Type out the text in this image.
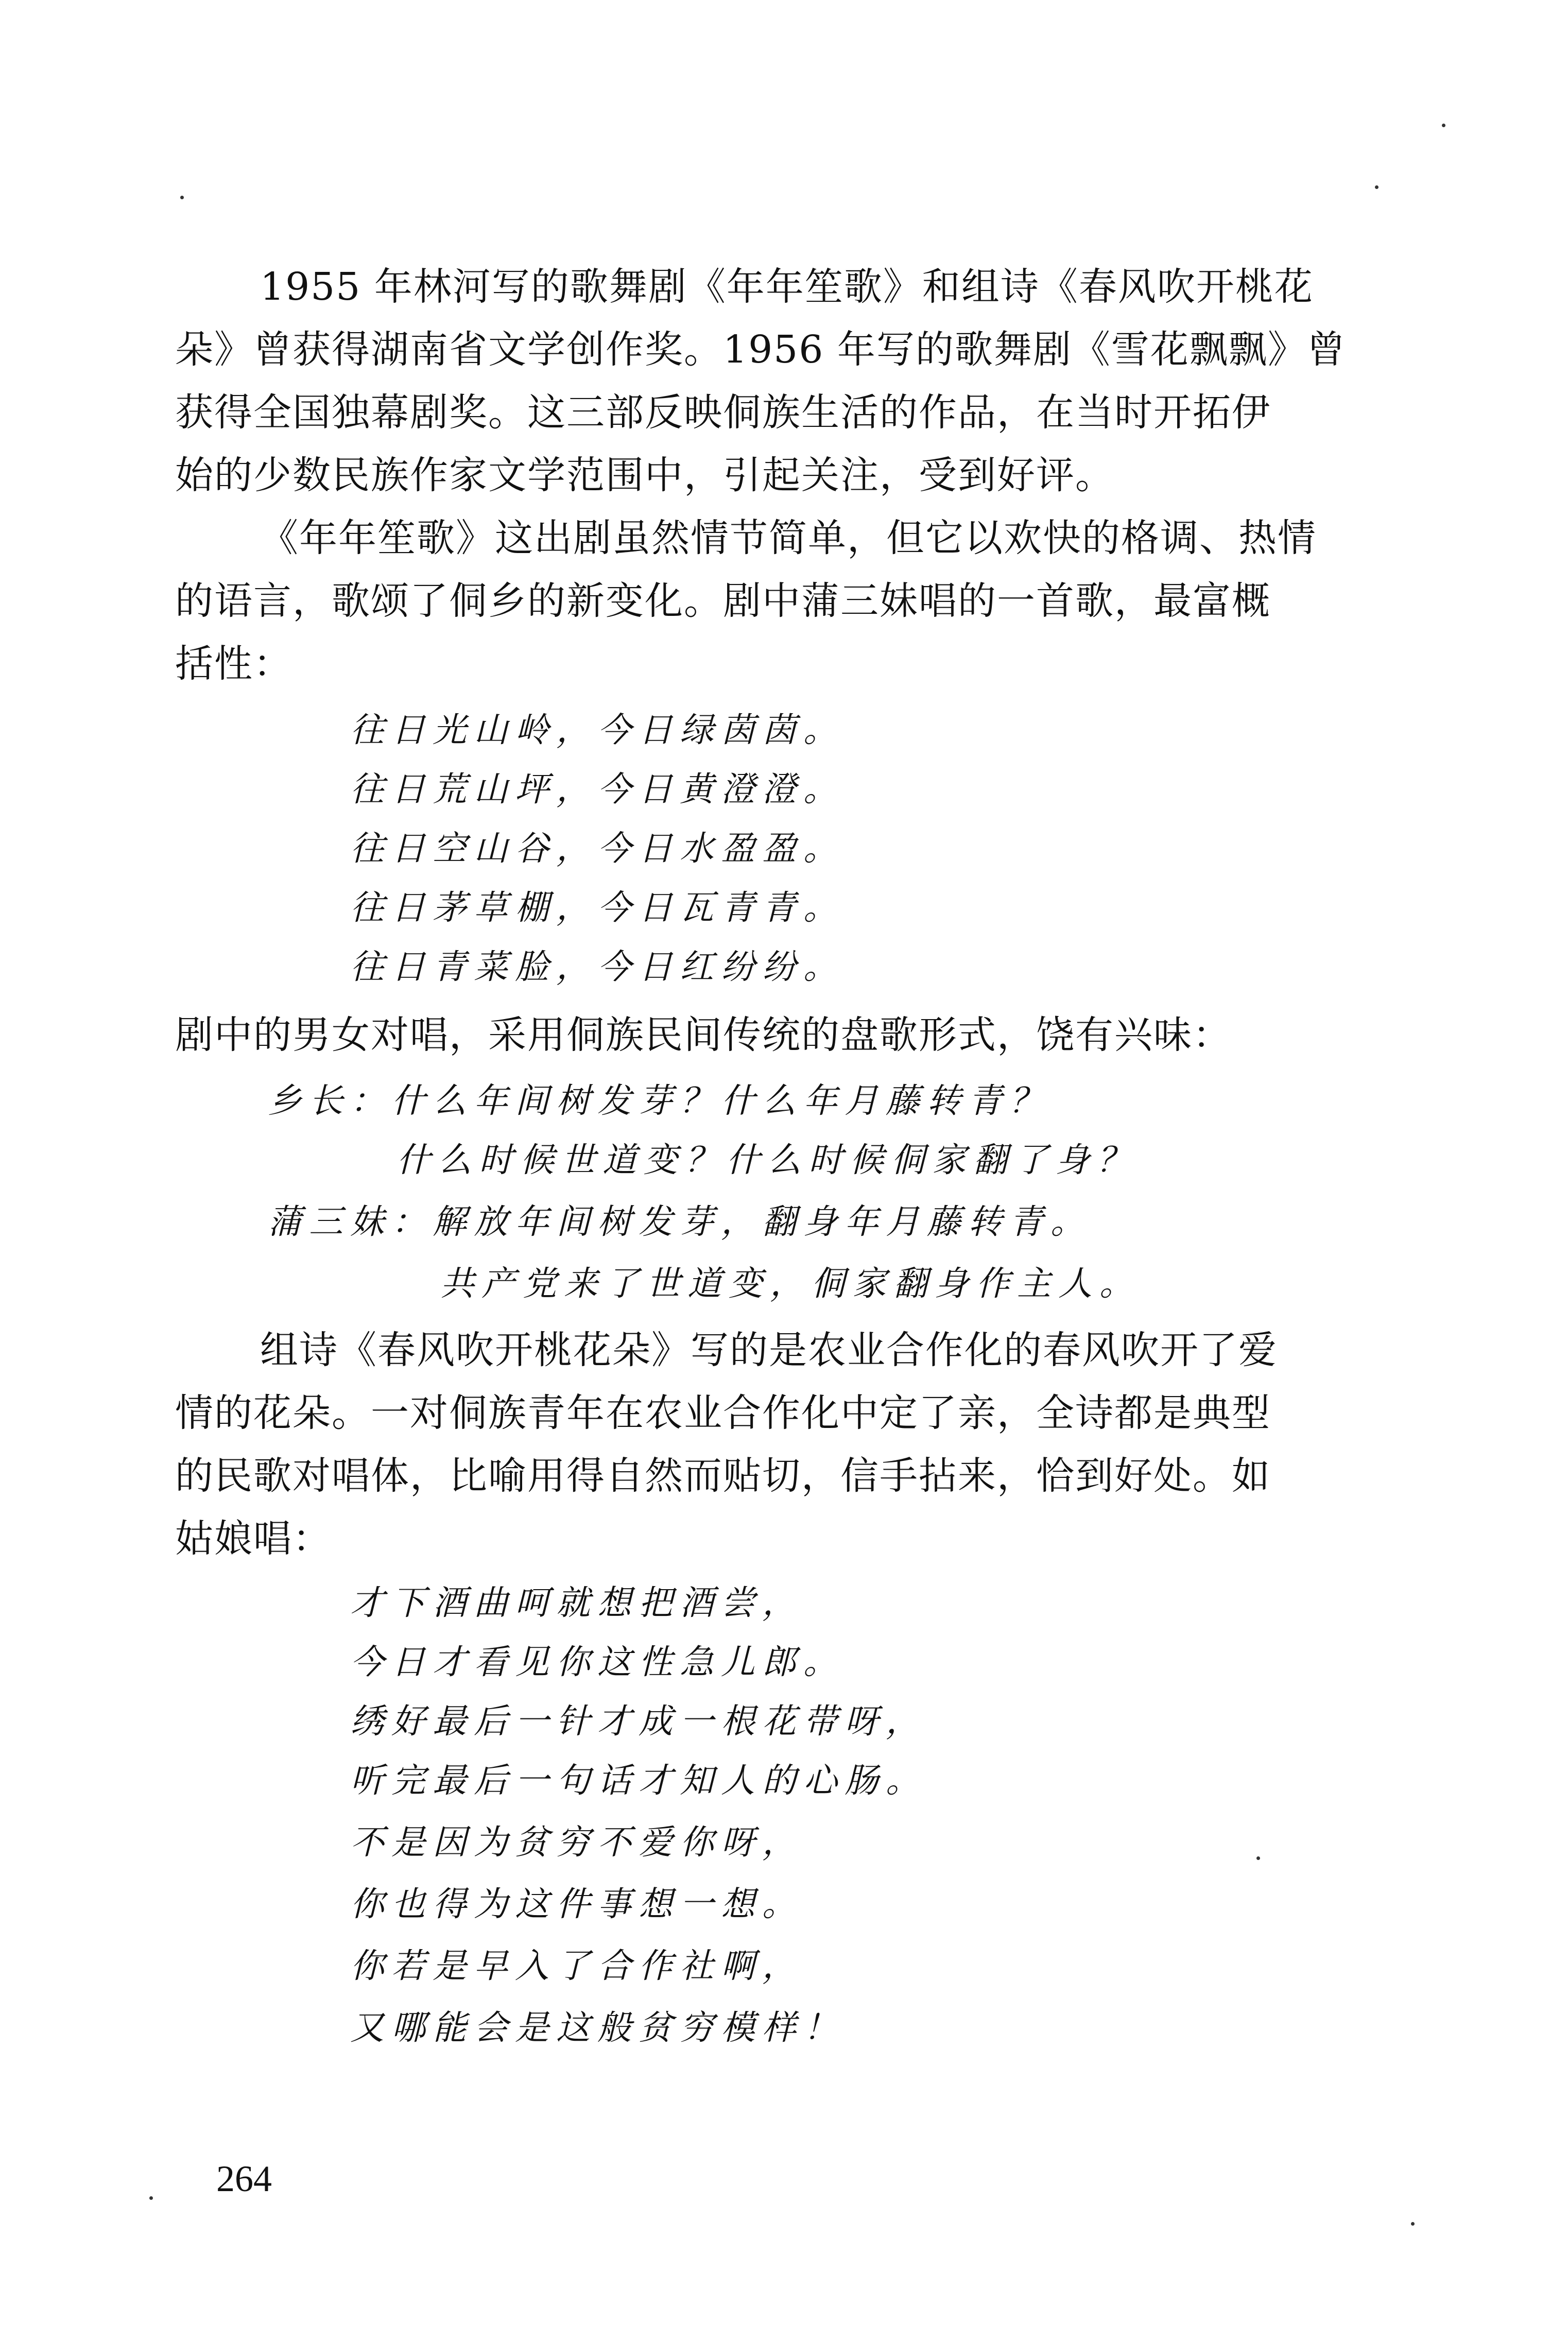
1955 年林河写的歌舞剧《年年笙歌》和组诗《春风吹开桃花
朵》曾获得湖南省文学创作奖。1956 年写的歌舞剧《雪花飘飘》曾
获得全国独幕剧奖。这三部反映侗族生活的作品，在当时开拓伊
始的少数民族作家文学范围中，引起关注，受到好评。
《年年笙歌》这出剧虽然情节简单，但它以欢快的格调、热情
的语言，歌颂了侗乡的新变化。剧中蒲三妹唱的一首歌，最富概
括性：
往日光山岭，今日绿茵茵。
往日荒山坪，今日黄澄澄。
往日空山谷，今日水盈盈。
往日茅草棚，今日瓦青青。
往日青菜脸，今日红纷纷。
剧中的男女对唱，采用侗族民间传统的盘歌形式，饶有兴味：
乡长：什么年间树发芽？什么年月藤转青？
什么时候世道变？什么时候侗家翻了身？
蒲三妹：解放年间树发芽，翻身年月藤转青。
共产党来了世道变，侗家翻身作主人。
组诗《春风吹开桃花朵》写的是农业合作化的春风吹开了爱
情的花朵。一对侗族青年在农业合作化中定了亲，全诗都是典型
的民歌对唱体，比喻用得自然而贴切，信手拈来，恰到好处。如
姑娘唱：
才下酒曲呵就想把酒尝，
今日才看见你这性急儿郎。
绣好最后一针才成一根花带呀，
听完最后一句话才知人的心肠。
不是因为贫穷不爱你呀，
你也得为这件事想一想。
你若是早入了合作社啊，
又哪能会是这般贫穷模样！
264
